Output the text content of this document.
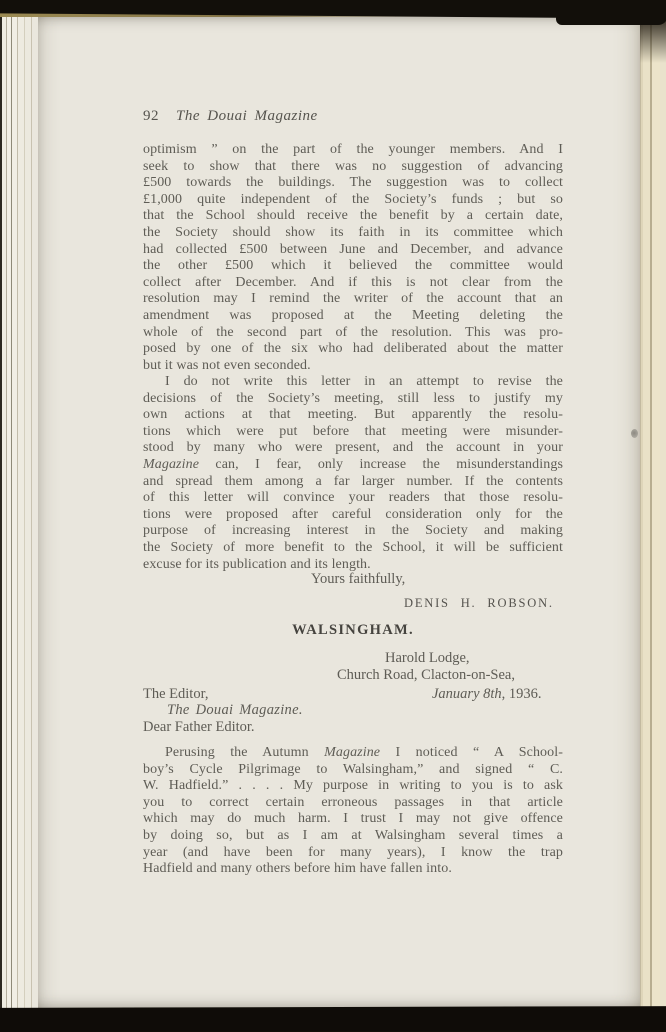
92 The Douai Magazine
optimism ” on the part of the younger members. And I
seek to show that there was no suggestion of advancing
£500 towards the buildings. The suggestion was to collect
£1,000 quite independent of the Society’s funds ; but so
that the School should receive the benefit by a certain date,
the Society should show its faith in its committee which
had collected £500 between June and December, and advance
the other £500 which it believed the committee would
collect after December. And if this is not clear from the
resolution may I remind the writer of the account that an
amendment was proposed at the Meeting deleting the
whole of the second part of the resolution. This was pro-
posed by one of the six who had deliberated about the matter
but it was not even seconded.
I do not write this letter in an attempt to revise the
decisions of the Society’s meeting, still less to justify my
own actions at that meeting. But apparently the resolu-
tions which were put before that meeting were misunder-
stood by many who were present, and the account in your
Magazine can, I fear, only increase the misunderstandings
and spread them among a far larger number. If the contents
of this letter will convince your readers that those resolu-
tions were proposed after careful consideration only for the
purpose of increasing interest in the Society and making
the Society of more benefit to the School, it will be sufficient
excuse for its publication and its length.
Yours faithfully,
DENIS H. ROBSON.
WALSINGHAM.
Harold Lodge,
Church Road, Clacton-on-Sea,
The Editor,	January 8th, 1936.
The Douai Magazine.
Dear Father Editor.
Perusing the Autumn Magazine I noticed “ A School-
boy’s Cycle Pilgrimage to Walsingham,” and signed “ C.
W. Hadfield.” . . . . My purpose in writing to you is to ask
you to correct certain erroneous passages in that article
which may do much harm. I trust I may not give offence
by doing so, but as I am at Walsingham several times a
year (and have been for many years), I know the trap
Hadfield and many others before him have fallen into.
